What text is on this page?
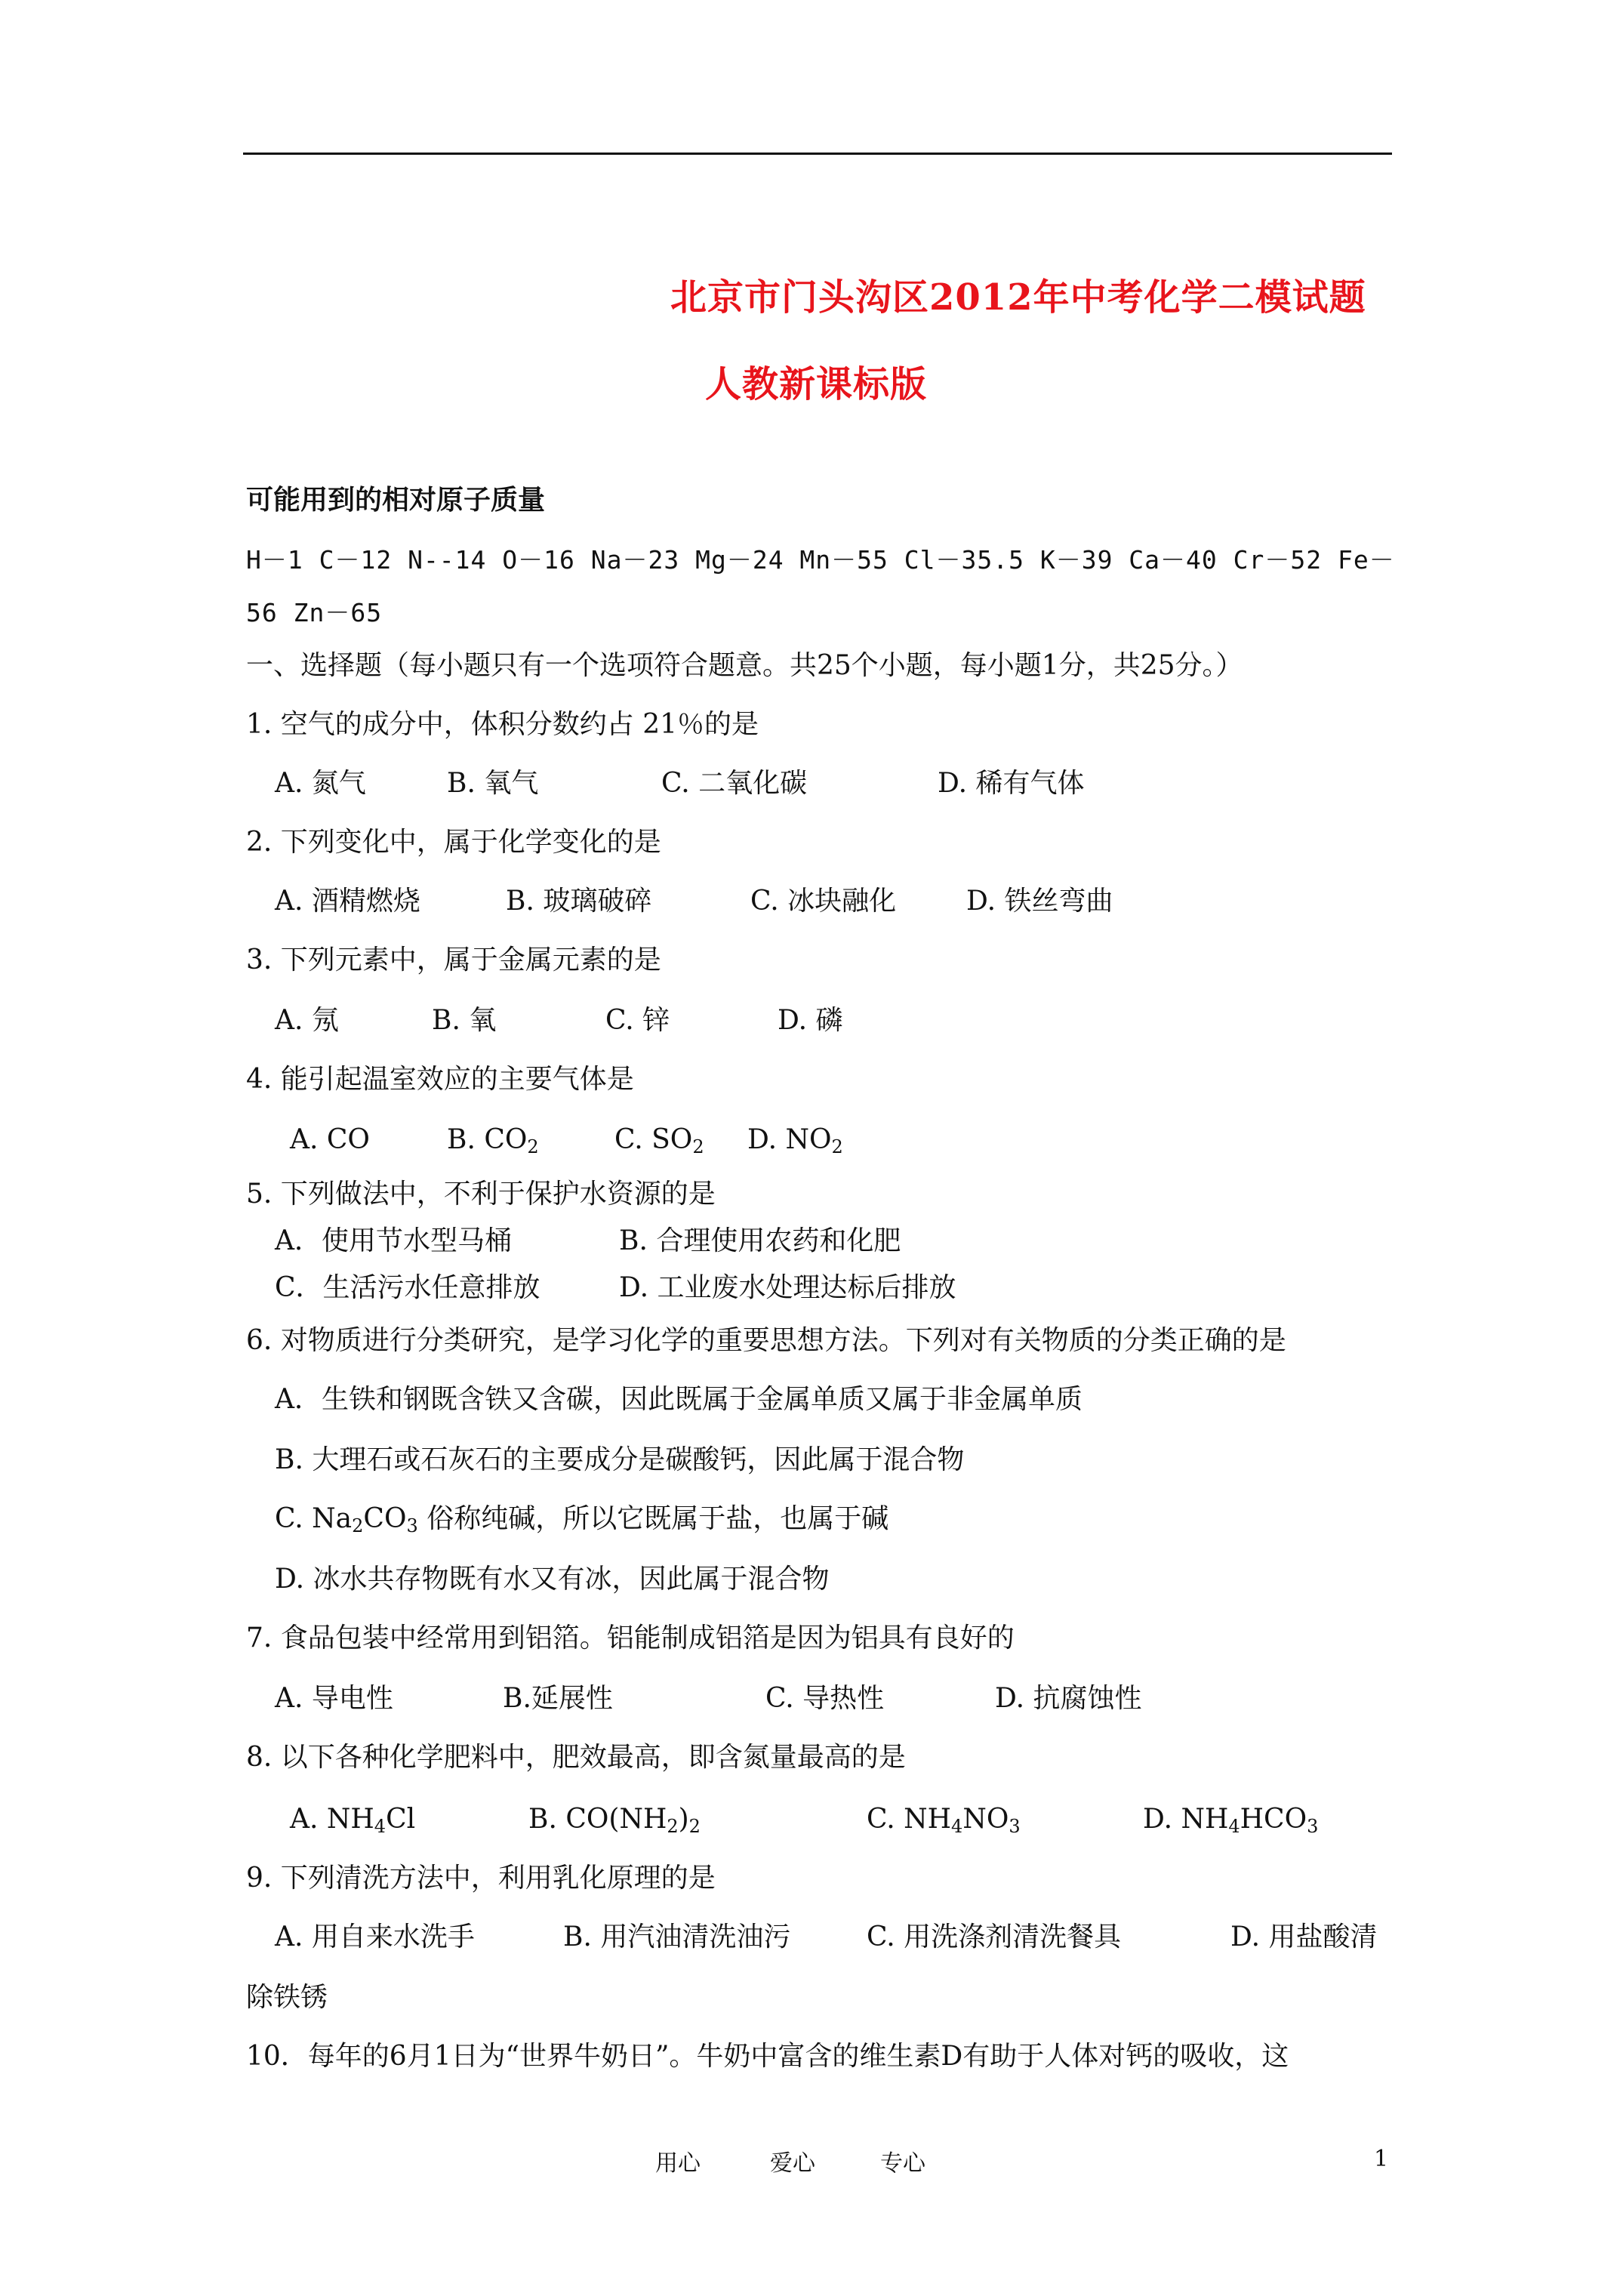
北京市门头沟区2012年中考化学二模试题
人教新课标版
可能用到的相对原子质量
H－1 C－12 N--14 O－16 Na－23 Mg－24 Mn－55 Cl－35.5 K－39 Ca－40 Cr－52 Fe－
56 Zn－65
一、选择题（每小题只有一个选项符合题意。共25个小题，每小题1分，共25分。）
1. 空气的成分中，体积分数约占 21％的是
A. 氮气	B. 氧气	C. 二氧化碳	D. 稀有气体
2. 下列变化中，属于化学变化的是
A. 酒精燃烧	B. 玻璃破碎	C. 冰块融化	D. 铁丝弯曲
3. 下列元素中，属于金属元素的是
A. 氖	B. 氧	C. 锌	D. 磷
4. 能引起温室效应的主要气体是
A. CO	B. $CO_2$	C. $SO_2$ D. $NO_2$
5. 下列做法中，不利于保护水资源的是
A．使用节水型马桶	B. 合理使用农药和化肥
C．生活污水任意排放	D. 工业废水处理达标后排放
6. 对物质进行分类研究，是学习化学的重要思想方法。下列对有关物质的分类正确的是
A．生铁和钢既含铁又含碳，因此既属于金属单质又属于非金属单质
B. 大理石或石灰石的主要成分是碳酸钙，因此属于混合物
C. $Na_2CO_3$ 俗称纯碱，所以它既属于盐，也属于碱
D. 冰水共存物既有水又有冰，因此属于混合物
7. 食品包装中经常用到铝箔。铝能制成铝箔是因为铝具有良好的
A. 导电性	B.延展性	C. 导热性	D. 抗腐蚀性
8. 以下各种化学肥料中，肥效最高，即含氮量最高的是
A. $NH_4Cl$	B. $CO(NH_2)_2$	C. $NH_4NO_3$	D. $NH_4HCO_3$
9. 下列清洗方法中，利用乳化原理的是
A. 用自来水洗手	B. 用汽油清洗油污	C. 用洗涤剂清洗餐具	D. 用盐酸清
除铁锈
10．每年的6月1日为“世界牛奶日”。牛奶中富含的维生素D有助于人体对钙的吸收，这
用心	爱心	专心	1
